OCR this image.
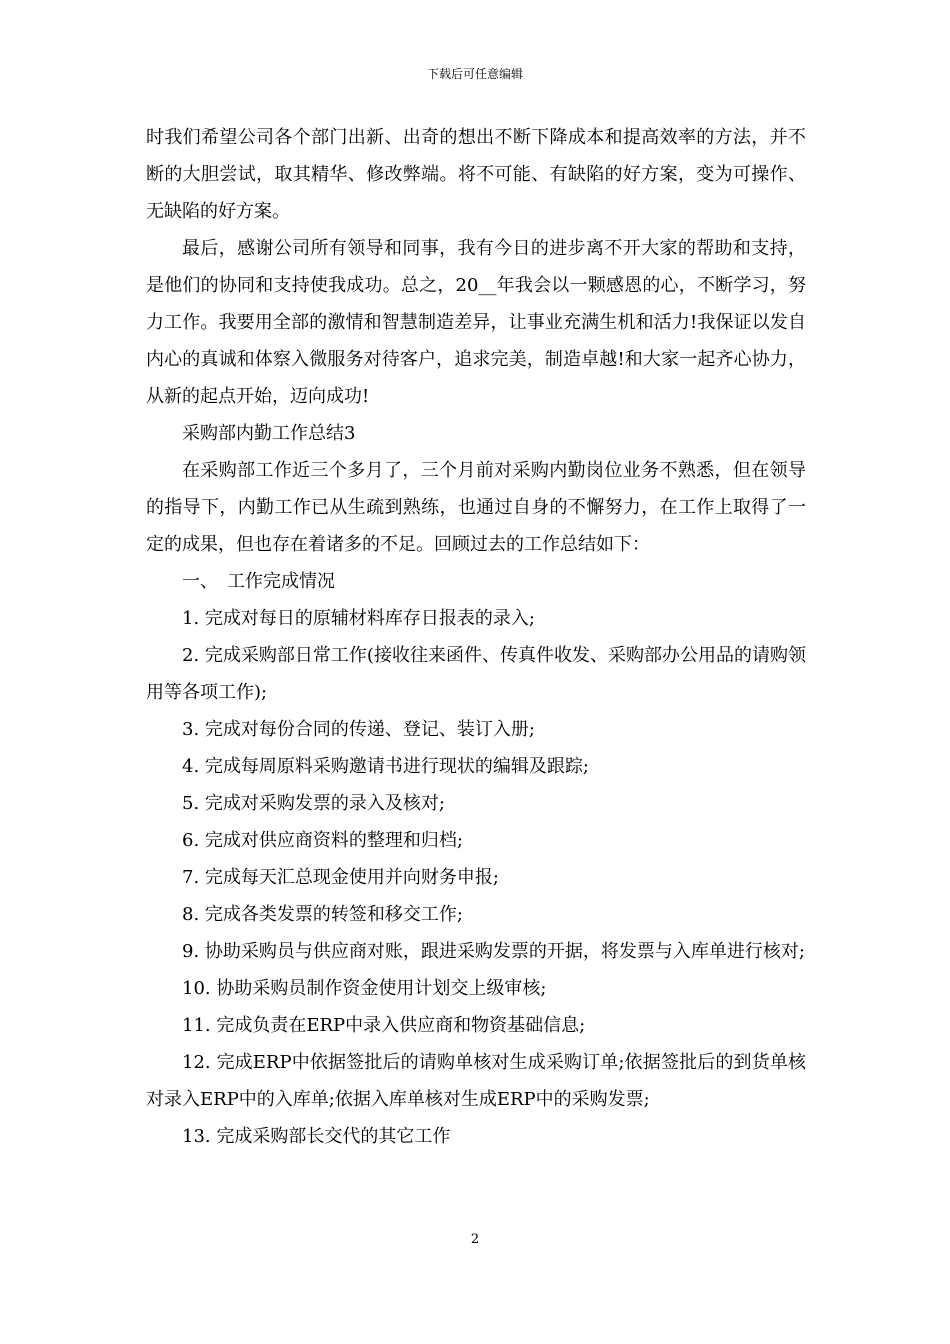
下载后可任意编辑

时我们希望公司各个部门出新、出奇的想出不断下降成本和提高效率的方法，并不断的大胆尝试，取其精华、修改弊端。将不可能、有缺陷的好方案，变为可操作、无缺陷的好方案。

最后，感谢公司所有领导和同事，我有今日的进步离不开大家的帮助和支持，是他们的协同和支持使我成功。总之，20__年我会以一颗感恩的心，不断学习，努力工作。我要用全部的激情和智慧制造差异，让事业充满生机和活力!我保证以发自内心的真诚和体察入微服务对待客户，追求完美，制造卓越!和大家一起齐心协力，从新的起点开始，迈向成功!

采购部内勤工作总结3

在采购部工作近三个多月了，三个月前对采购内勤岗位业务不熟悉，但在领导的指导下，内勤工作已从生疏到熟练，也通过自身的不懈努力，在工作上取得了一定的成果，但也存在着诸多的不足。回顾过去的工作总结如下：

一、　工作完成情况

1. 完成对每日的原辅材料库存日报表的录入;

2. 完成采购部日常工作(接收往来函件、传真件收发、采购部办公用品的请购领用等各项工作);

3. 完成对每份合同的传递、登记、装订入册;

4. 完成每周原料采购邀请书进行现状的编辑及跟踪;

5. 完成对采购发票的录入及核对;

6. 完成对供应商资料的整理和归档;

7. 完成每天汇总现金使用并向财务申报;

8. 完成各类发票的转签和移交工作;

9. 协助采购员与供应商对账，跟进采购发票的开据，将发票与入库单进行核对;

10. 协助采购员制作资金使用计划交上级审核;

11. 完成负责在ERP中录入供应商和物资基础信息;

12. 完成ERP中依据签批后的请购单核对生成采购订单;依据签批后的到货单核对录入ERP中的入库单;依据入库单核对生成ERP中的采购发票;

13. 完成采购部长交代的其它工作

2
